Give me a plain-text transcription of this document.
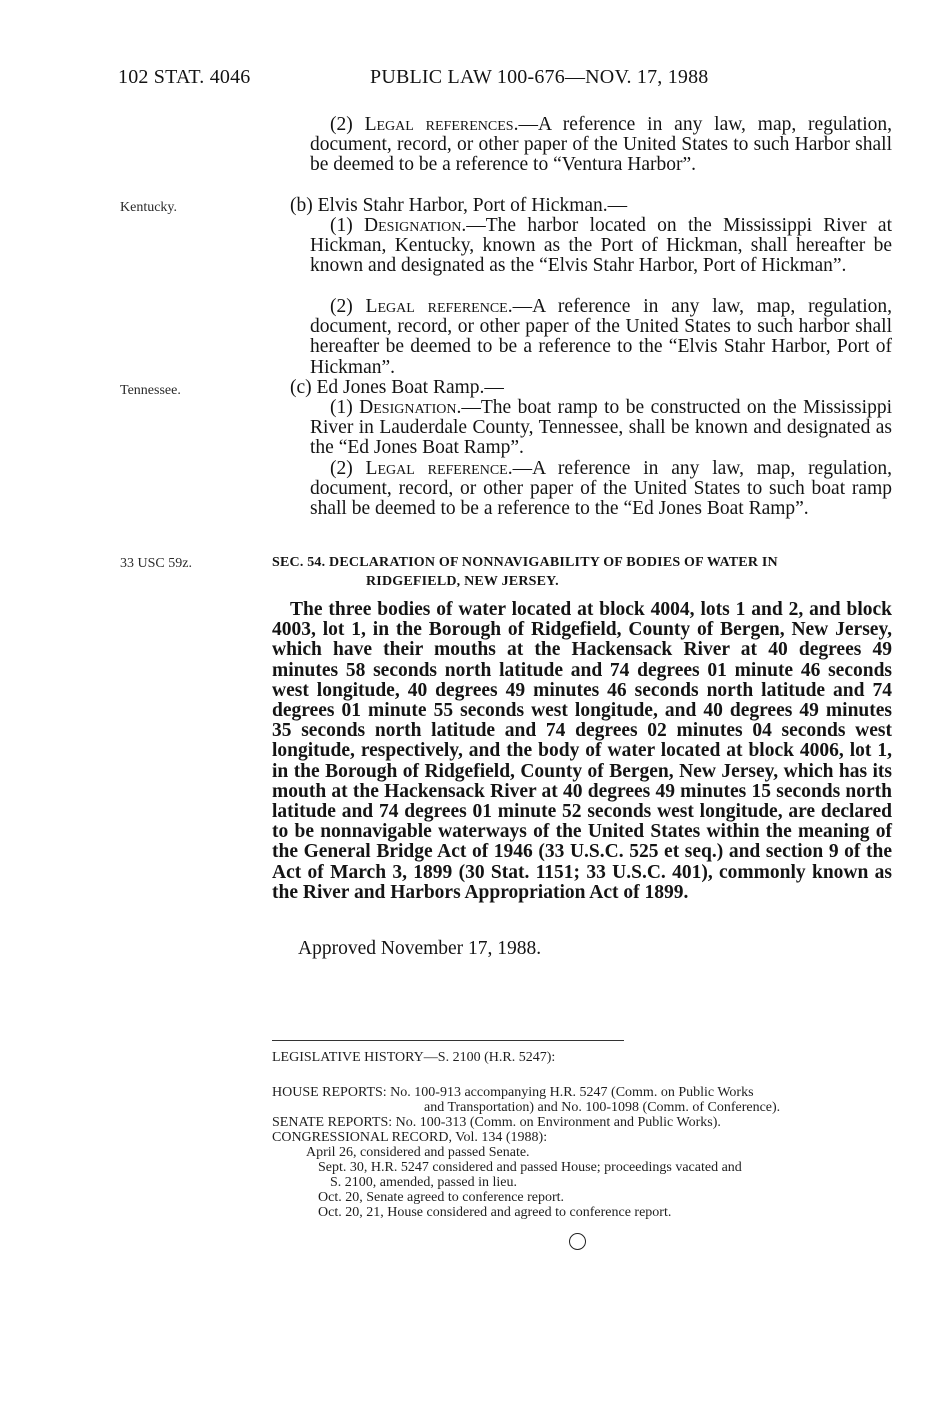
102 STAT. 4046	PUBLIC LAW 100-676—NOV. 17, 1988
(2) Legal references.—A reference in any law, map, regulation, document, record, or other paper of the United States to such Harbor shall be deemed to be a reference to “Ventura Harbor”.
Kentucky.	(b) Elvis Stahr Harbor, Port of Hickman.—
(1) Designation.—The harbor located on the Mississippi River at Hickman, Kentucky, known as the Port of Hickman, shall hereafter be known and designated as the “Elvis Stahr Harbor, Port of Hickman”.
(2) Legal reference.—A reference in any law, map, regulation, document, record, or other paper of the United States to such harbor shall hereafter be deemed to be a reference to the “Elvis Stahr Harbor, Port of Hickman”.
Tennessee.	(c) Ed Jones Boat Ramp.—
(1) Designation.—The boat ramp to be constructed on the Mississippi River in Lauderdale County, Tennessee, shall be known and designated as the “Ed Jones Boat Ramp”.
(2) Legal reference.—A reference in any law, map, regulation, document, record, or other paper of the United States to such boat ramp shall be deemed to be a reference to the “Ed Jones Boat Ramp”.
33 USC 59z.	SEC. 54. DECLARATION OF NONNAVIGABILITY OF BODIES OF WATER IN
RIDGEFIELD, NEW JERSEY.
The three bodies of water located at block 4004, lots 1 and 2, and block 4003, lot 1, in the Borough of Ridgefield, County of Bergen, New Jersey, which have their mouths at the Hackensack River at 40 degrees 49 minutes 58 seconds north latitude and 74 degrees 01 minute 46 seconds west longitude, 40 degrees 49 minutes 46 seconds north latitude and 74 degrees 01 minute 55 seconds west longitude, and 40 degrees 49 minutes 35 seconds north latitude and 74 degrees 02 minutes 04 seconds west longitude, respectively, and the body of water located at block 4006, lot 1, in the Borough of Ridgefield, County of Bergen, New Jersey, which has its mouth at the Hackensack River at 40 degrees 49 minutes 15 seconds north latitude and 74 degrees 01 minute 52 seconds west longitude, are declared to be nonnavigable waterways of the United States within the meaning of the General Bridge Act of 1946 (33 U.S.C. 525 et seq.) and section 9 of the Act of March 3, 1899 (30 Stat. 1151; 33 U.S.C. 401), commonly known as the River and Harbors Appropriation Act of 1899.
Approved November 17, 1988.
LEGISLATIVE HISTORY—S. 2100 (H.R. 5247):
HOUSE REPORTS: No. 100-913 accompanying H.R. 5247 (Comm. on Public Works
and Transportation) and No. 100-1098 (Comm. of Conference).
SENATE REPORTS: No. 100-313 (Comm. on Environment and Public Works).
CONGRESSIONAL RECORD, Vol. 134 (1988):
April 26, considered and passed Senate.
Sept. 30, H.R. 5247 considered and passed House; proceedings vacated and
S. 2100, amended, passed in lieu.
Oct. 20, Senate agreed to conference report.
Oct. 20, 21, House considered and agreed to conference report.
